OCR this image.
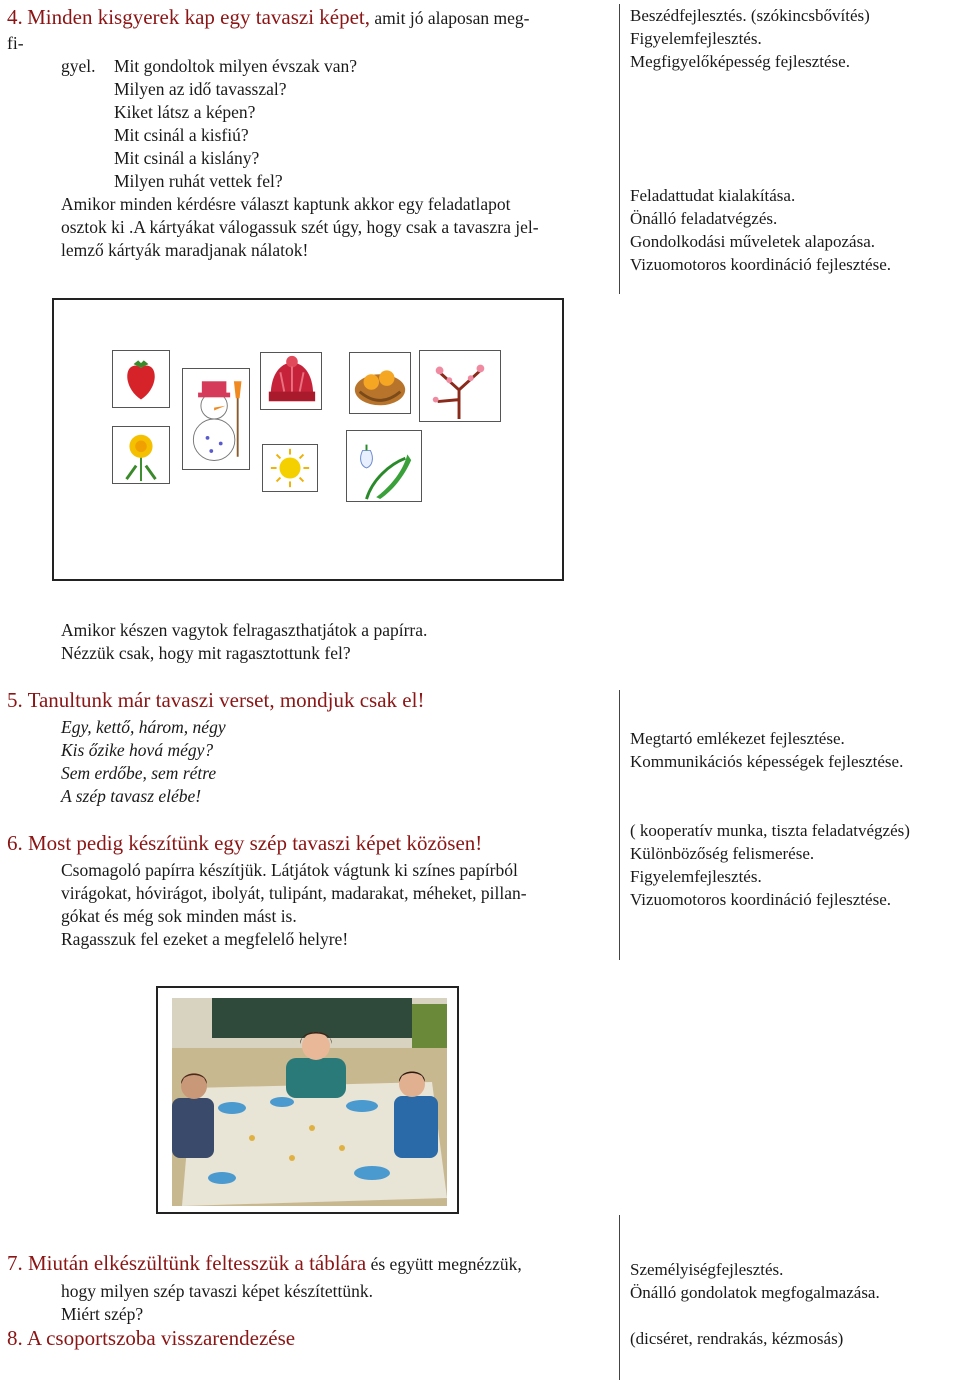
4. Minden kisgyerek kap egy tavaszi képet, amit jó alaposan meg-
fi-
gyel. Mit gondoltok milyen évszak van?
Milyen az idő tavasszal?
Kiket látsz a képen?
Mit csinál a kisfiú?
Mit csinál a kislány?
Milyen ruhát vettek fel?
Amikor minden kérdésre választ kaptunk akkor egy feladatlapot
osztok ki .A kártyákat válogassuk szét úgy, hogy csak a tavaszra jel-
lemző kártyák maradjanak nálatok!
Beszédfejlesztés. (szókincsbővítés)
Figyelemfejlesztés.
Megfigyelőképesség fejlesztése.
Feladattudat kialakítása.
Önálló feladatvégzés.
Gondolkodási műveletek alapozása.
Vizuomotoros koordináció fejlesztése.
Amikor készen vagytok felragaszthatjátok a papírra.
Nézzük csak, hogy mit ragasztottunk fel?
5. Tanultunk már tavaszi verset, mondjuk csak el!
Egy, kettő, három, négy
Kis őzike hová mégy?
Sem erdőbe, sem rétre
A szép tavasz elébe!
Megtartó emlékezet fejlesztése.
Kommunikációs képességek fejlesztése.
6. Most pedig készítünk egy szép tavaszi képet közösen!
Csomagoló papírra készítjük. Látjátok vágtunk ki színes papírból
virágokat, hóvirágot, ibolyát, tulipánt, madarakat, méheket, pillan-
gókat és még sok minden mást is.
Ragasszuk fel ezeket a megfelelő helyre!
( kooperatív munka, tiszta feladatvégzés)
Különbözőség felismerése.
Figyelemfejlesztés.
Vizuomotoros koordináció fejlesztése.
7. Miután elkészültünk feltesszük a táblára és együtt megnézzük,
hogy milyen szép tavaszi képet készítettünk.
Miért szép?
8. A csoportszoba visszarendezése
Személyiségfejlesztés.
Önálló gondolatok megfogalmazása.
(dicséret, rendrakás, kézmosás)
